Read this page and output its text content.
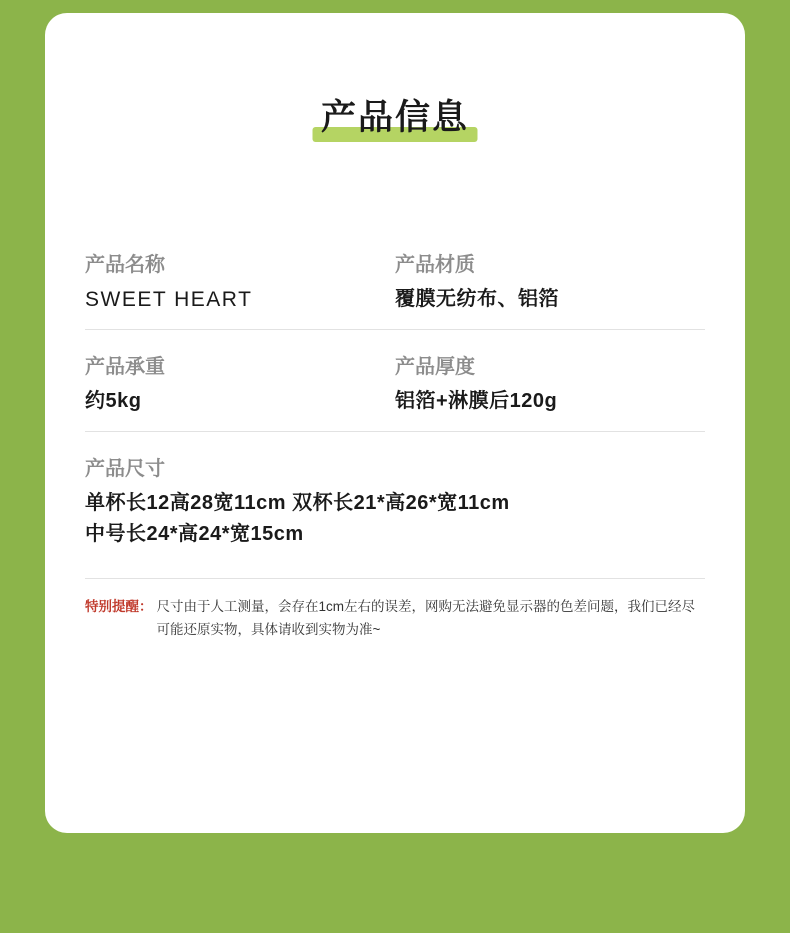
产品信息
产品名称
SWEET HEART
产品材质
覆膜无纺布、铝箔
产品承重
约5kg
产品厚度
铝箔+淋膜后120g
产品尺寸
单杯长12高28宽11cm 双杯长21*高26*宽11cm
中号长24*高24*宽15cm
特别提醒： 尺寸由于人工测量，会存在1cm左右的误差，网购无法避免显示器的色差问题，我们已经尽可能还原实物，具体请收到实物为准~
